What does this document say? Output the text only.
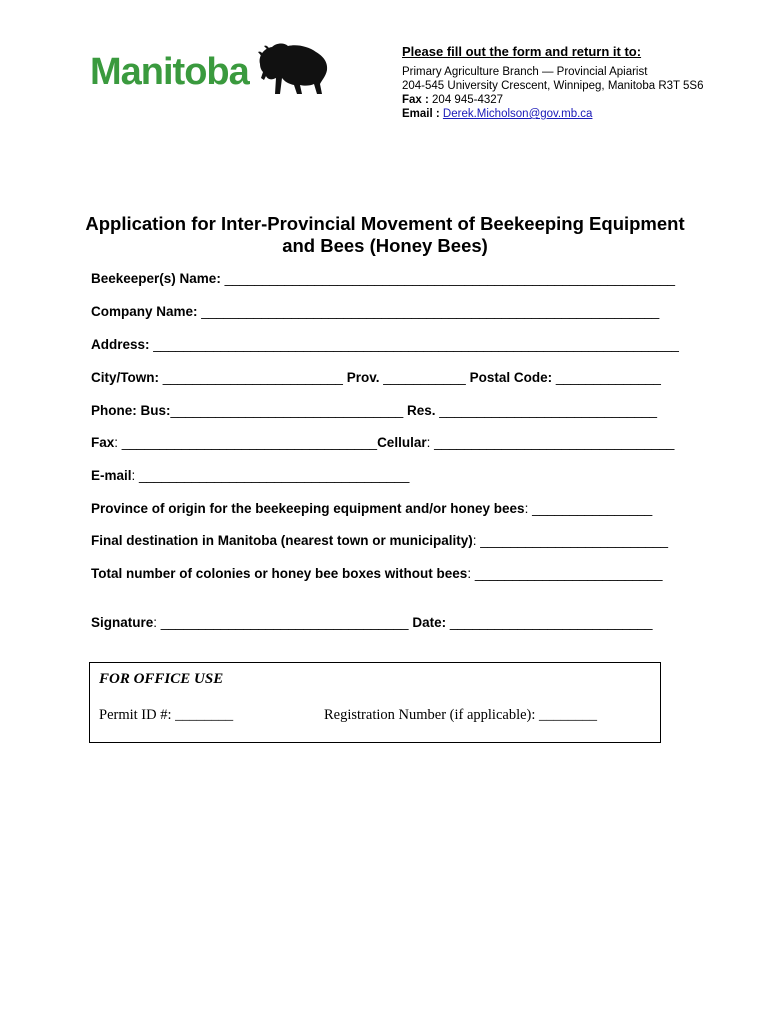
Manitoba	Please fill out the form and return it to:
Primary Agriculture Branch — Provincial Apiarist
204-545 University Crescent, Winnipeg, Manitoba R3T 5S6
Fax : 204 945-4327
Email : Derek.Micholson@gov.mb.ca
Application for Inter-Provincial Movement of Beekeeping Equipment
and Bees (Honey Bees)
Beekeeper(s) Name: ____________________________________________________________
Company Name: _____________________________________________________________
Address: ______________________________________________________________________
City/Town: ________________________ Prov. ___________ Postal Code: ______________
Phone: Bus:_______________________________ Res. _____________________________
Fax: __________________________________Cellular: ________________________________
E-mail: ____________________________________
Province of origin for the beekeeping equipment and/or honey bees: ________________
Final destination in Manitoba (nearest town or municipality): _________________________
Total number of colonies or honey bee boxes without bees: _________________________
Signature: _________________________________ Date: ___________________________
FOR OFFICE USE
Permit ID #: ________	Registration Number (if applicable): ________
